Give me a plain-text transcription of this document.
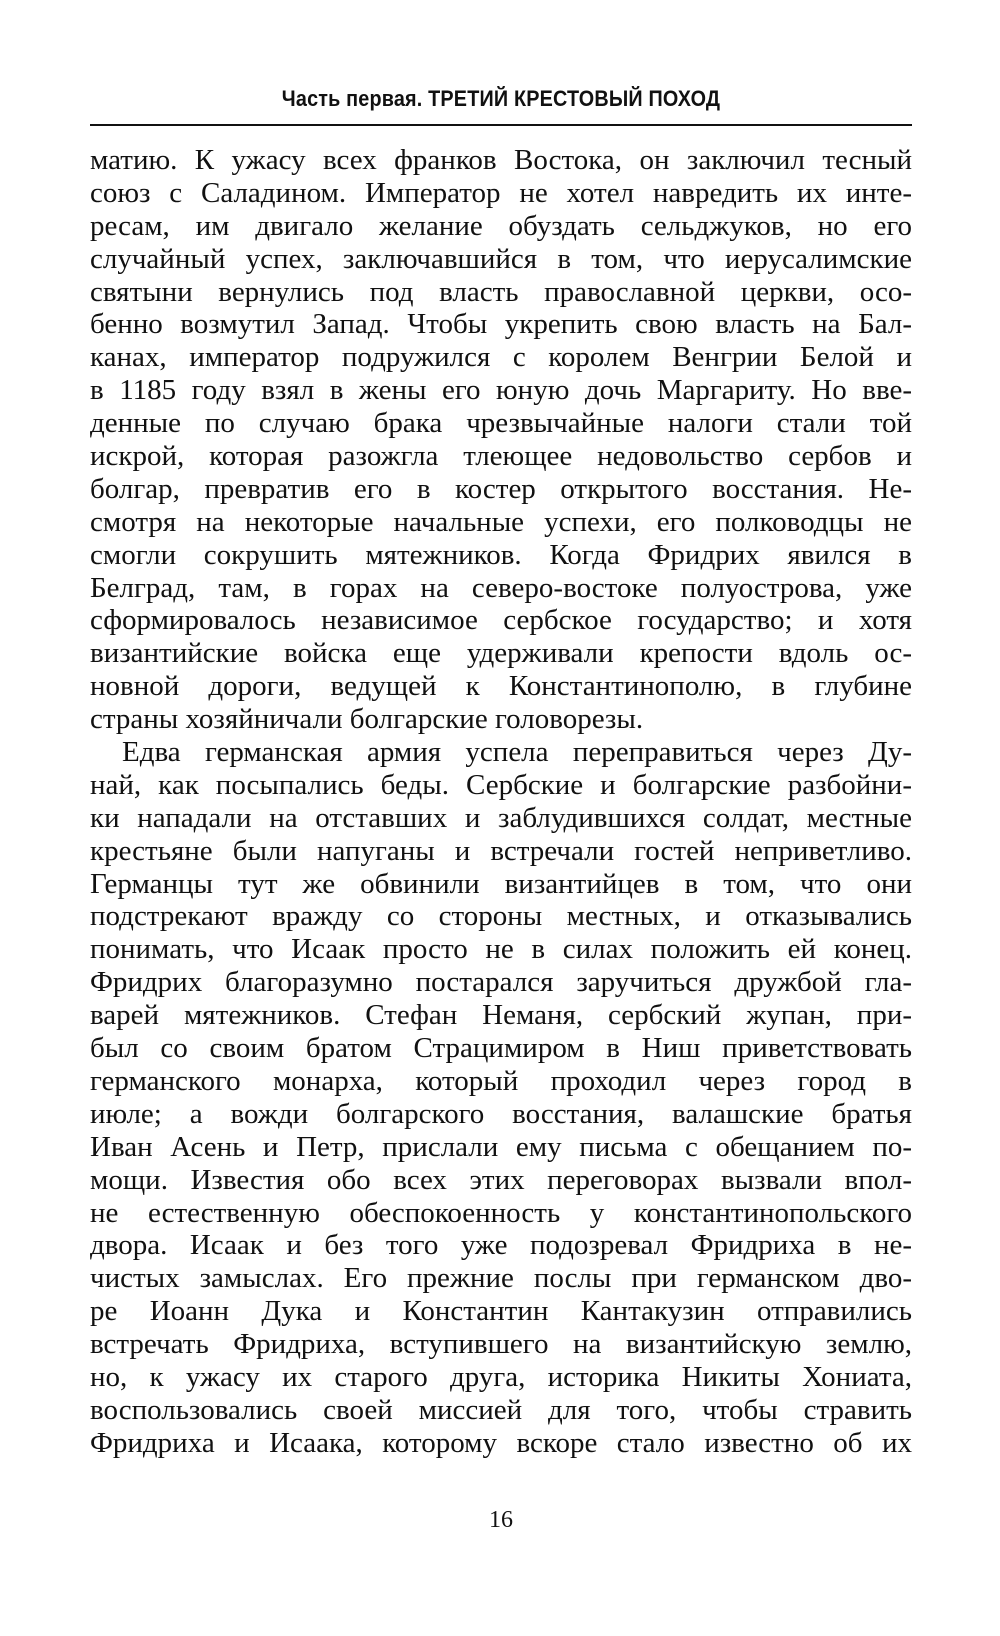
Часть первая. ТРЕТИЙ КРЕСТОВЫЙ ПОХОД
матию. К ужасу всех франков Востока, он заключил тесный
союз с Саладином. Император не хотел навредить их инте-
ресам, им двигало желание обуздать сельджуков, но его
случайный успех, заключавшийся в том, что иерусалимские
святыни вернулись под власть православной церкви, осо-
бенно возмутил Запад. Чтобы укрепить свою власть на Бал-
канах, император подружился с королем Венгрии Белой и
в 1185 году взял в жены его юную дочь Маргариту. Но вве-
денные по случаю брака чрезвычайные налоги стали той
искрой, которая разожгла тлеющее недовольство сербов и
болгар, превратив его в костер открытого восстания. Не-
смотря на некоторые начальные успехи, его полководцы не
смогли сокрушить мятежников. Когда Фридрих явился в
Белград, там, в горах на северо-востоке полуострова, уже
сформировалось независимое сербское государство; и хотя
византийские войска еще удерживали крепости вдоль ос-
новной дороги, ведущей к Константинополю, в глубине
страны хозяйничали болгарские головорезы.
Едва германская армия успела переправиться через Ду-
най, как посыпались беды. Сербские и болгарские разбойни-
ки нападали на отставших и заблудившихся солдат, местные
крестьяне были напуганы и встречали гостей неприветливо.
Германцы тут же обвинили византийцев в том, что они
подстрекают вражду со стороны местных, и отказывались
понимать, что Исаак просто не в силах положить ей конец.
Фридрих благоразумно постарался заручиться дружбой гла-
варей мятежников. Стефан Неманя, сербский жупан, при-
был со своим братом Страцимиром в Ниш приветствовать
германского монарха, который проходил через город в
июле; а вожди болгарского восстания, валашские братья
Иван Асень и Петр, прислали ему письма с обещанием по-
мощи. Известия обо всех этих переговорах вызвали впол-
не естественную обеспокоенность у константинопольского
двора. Исаак и без того уже подозревал Фридриха в не-
чистых замыслах. Его прежние послы при германском дво-
ре Иоанн Дука и Константин Кантакузин отправились
встречать Фридриха, вступившего на византийскую землю,
но, к ужасу их старого друга, историка Никиты Хониата,
воспользовались своей миссией для того, чтобы стравить
Фридриха и Исаака, которому вскоре стало известно об их
16
